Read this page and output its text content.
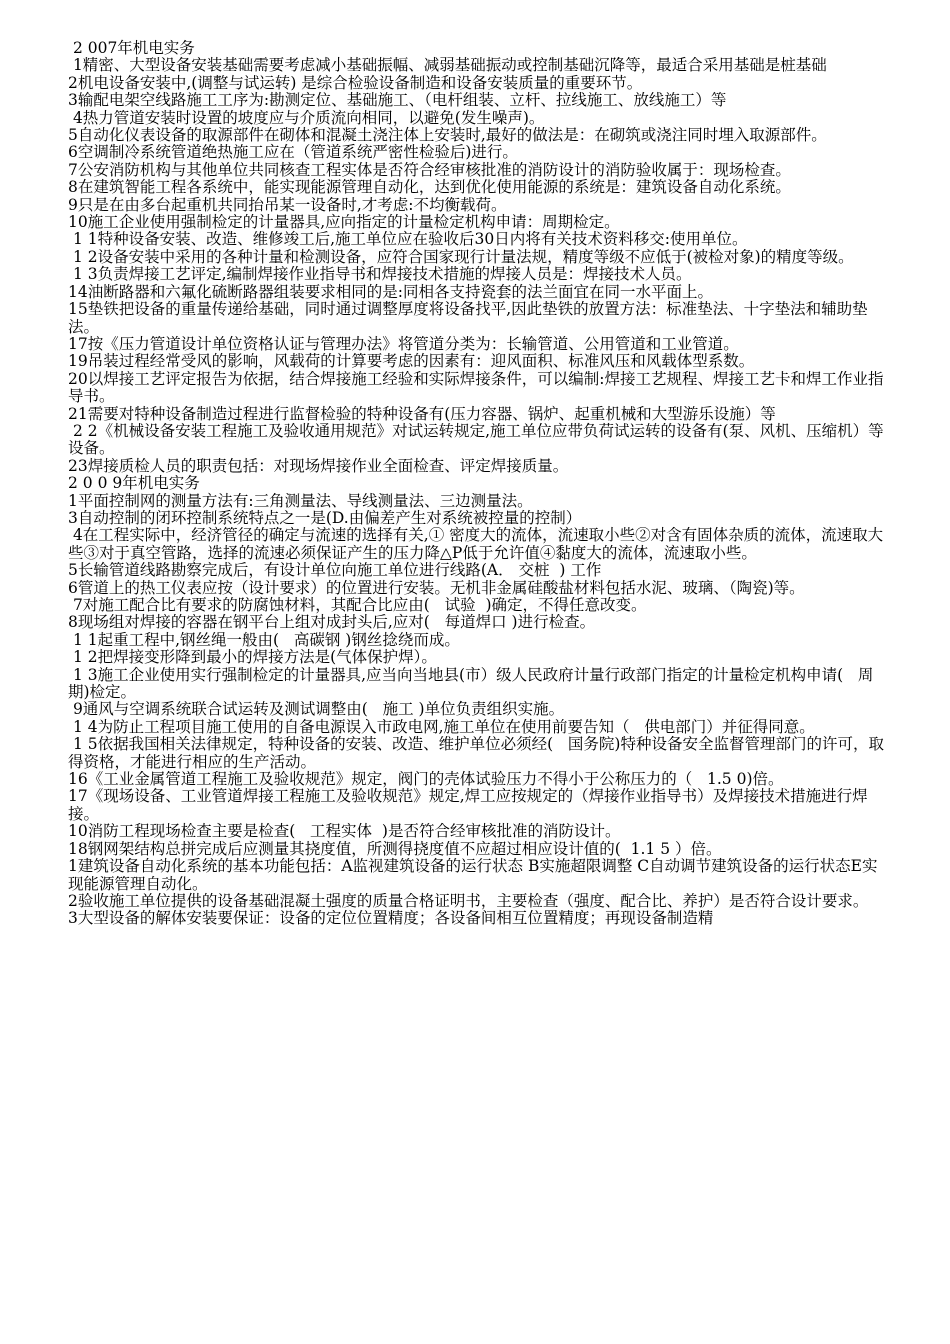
2 007年机电实务

1精密、大型设备安装基础需要考虑减小基础振幅、减弱基础振动或控制基础沉降等，最适合采用基础是桩基础

2机电设备安装中,(调整与试运转) 是综合检验设备制造和设备安装质量的重要环节。

3输配电架空线路施工工序为:勘测定位、基础施工、（电杆组装、立杆、拉线施工、放线施工）等

4热力管道安装时设置的坡度应与介质流向相同，以避免(发生噪声)。

5自动化仪表设备的取源部件在砌体和混凝土浇注体上安装时,最好的做法是：在砌筑或浇注同时埋入取源部件。

6空调制冷系统管道绝热施工应在（管道系统严密性检验后)进行。

7公安消防机构与其他单位共同核查工程实体是否符合经审核批准的消防设计的消防验收属于：现场检查。

8在建筑智能工程各系统中，能实现能源管理自动化，达到优化使用能源的系统是：建筑设备自动化系统。

9只是在由多台起重机共同抬吊某一设备时,才考虑:不均衡载荷。

10施工企业使用强制检定的计量器具,应向指定的计量检定机构申请：周期检定。

1 1特种设备安装、改造、维修竣工后,施工单位应在验收后30日内将有关技术资料移交:使用单位。

1 2设备安装中采用的各种计量和检测设备，应符合国家现行计量法规，精度等级不应低于(被检对象)的精度等级。

1 3负责焊接工艺评定,编制焊接作业指导书和焊接技术措施的焊接人员是：焊接技术人员。

14油断路器和六氟化硫断路器组装要求相同的是:同相各支持瓷套的法兰面宜在同一水平面上。

15垫铁把设备的重量传递给基础，同时通过调整厚度将设备找平,因此垫铁的放置方法：标准垫法、十字垫法和辅助垫法。

17按《压力管道设计单位资格认证与管理办法》将管道分类为：长输管道、公用管道和工业管道。

19吊装过程经常受风的影响，风载荷的计算要考虑的因素有：迎风面积、标准风压和风载体型系数。

20以焊接工艺评定报告为依据，结合焊接施工经验和实际焊接条件，可以编制:焊接工艺规程、焊接工艺卡和焊工作业指导书。

21需要对特种设备制造过程进行监督检验的特种设备有(压力容器、锅炉、起重机械和大型游乐设施）等

2 2《机械设备安装工程施工及验收通用规范》对试运转规定,施工单位应带负荷试运转的设备有(泵、风机、压缩机）等设备。

23焊接质检人员的职责包括：对现场焊接作业全面检查、评定焊接质量。

2 0 0 9年机电实务

1平面控制网的测量方法有:三角测量法、导线测量法、三边测量法。

3自动控制的闭环控制系统特点之一是(D.由偏差产生对系统被控量的控制）

4在工程实际中，经济管径的确定与流速的选择有关,① 密度大的流体，流速取小些②对含有固体杂质的流体，流速取大些③对于真空管路，选择的流速必须保证产生的压力降△P低于允许值④黏度大的流体，流速取小些。

5长输管道线路勘察完成后，有设计单位向施工单位进行线路(A． 交桩  ) 工作

6管道上的热工仪表应按（设计要求）的位置进行安装。无机非金属硅酸盐材料包括水泥、玻璃、（陶瓷)等。

7对施工配合比有要求的防腐蚀材料，其配合比应由(   试验  )确定，不得任意改变。

8现场组对焊接的容器在钢平台上组对成封头后,应对(   每道焊口 )进行检查。

1 1起重工程中,钢丝绳一般由(   高碳钢 )钢丝捻绕而成。

1 2把焊接变形降到最小的焊接方法是(气体保护焊）。

1 3施工企业使用实行强制检定的计量器具,应当向当地县(市）级人民政府计量行政部门指定的计量检定机构申请(   周期)检定。

9通风与空调系统联合试运转及测试调整由(   施工 )单位负责组织实施。

1 4为防止工程项目施工使用的自备电源误入市政电网,施工单位在使用前要告知（   供电部门）并征得同意。

1 5依据我国相关法律规定，特种设备的安装、改造、维护单位必须经(   国务院)特种设备安全监督管理部门的许可，取得资格，才能进行相应的生产活动。

16《工业金属管道工程施工及验收规范》规定，阀门的壳体试验压力不得小于公称压力的（   1.5 0)倍。

17《现场设备、工业管道焊接工程施工及验收规范》规定,焊工应按规定的（焊接作业指导书）及焊接技术措施进行焊接。

10消防工程现场检查主要是检查(   工程实体  )是否符合经审核批准的消防设计。

18钢网架结构总拼完成后应测量其挠度值，所测得挠度值不应超过相应设计值的(  1.1 5 ）倍。

1建筑设备自动化系统的基本功能包括：A监视建筑设备的运行状态 B实施超限调整 C自动调节建筑设备的运行状态E实现能源管理自动化。

2验收施工单位提供的设备基础混凝土强度的质量合格证明书，主要检查（强度、配合比、养护）是否符合设计要求。

3大型设备的解体安装要保证：设备的定位位置精度；各设备间相互位置精度；再现设备制造精
